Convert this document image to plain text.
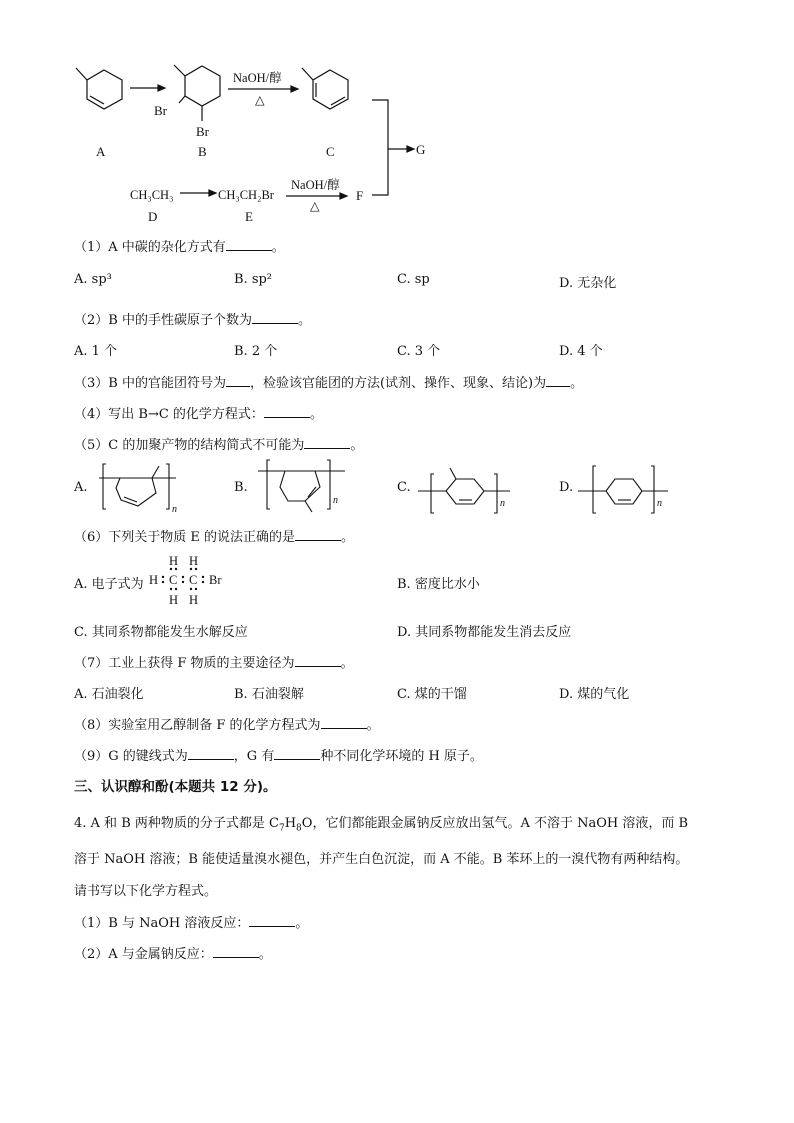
A	B	C	G
D	E
F
Br
Br
NaOH/醇
△
NaOH/醇
△
CH₃CH₃	CH₃CH₂Br
（1）A 中碳的杂化方式有	。
A. sp³	B. sp²	C. sp	D. 无杂化
（2）B 中的手性碳原子个数为	。
A. 1 个	B. 2 个	C. 3 个	D. 4 个
（3）B 中的官能团符号为 ，检验该官能团的方法(试剂、操作、现象、结论)为 。
（4）写出 B→C 的化学方程式：	。
（5）C 的加聚产物的结构简式不可能为	。
A.	B.	C.	D.
n
n	n	n
（6）下列关于物质 E 的说法正确的是	。
A. 电子式为
H H
H C C Br
H H
B. 密度比水小
C. 其同系物都能发生水解反应	D. 其同系物都能发生消去反应
（7）工业上获得 F 物质的主要途径为	。
A. 石油裂化	B. 石油裂解	C. 煤的干馏	D. 煤的气化
（8）实验室用乙醇制备 F 的化学方程式为	。
（9）G 的键线式为	，G 有	种不同化学环境的 H 原子。
三、认识醇和酚(本题共 12 分)。
4. A 和 B 两种物质的分子式都是 $C_7H_8O$，它们都能跟金属钠反应放出氢气。A 不溶于 NaOH 溶液，而 B
溶于 NaOH 溶液；B 能使适量溴水褪色，并产生白色沉淀，而 A 不能。B 苯环上的一溴代物有两种结构。
请书写以下化学方程式。
（1）B 与 NaOH 溶液反应：	。
（2）A 与金属钠反应：	。
